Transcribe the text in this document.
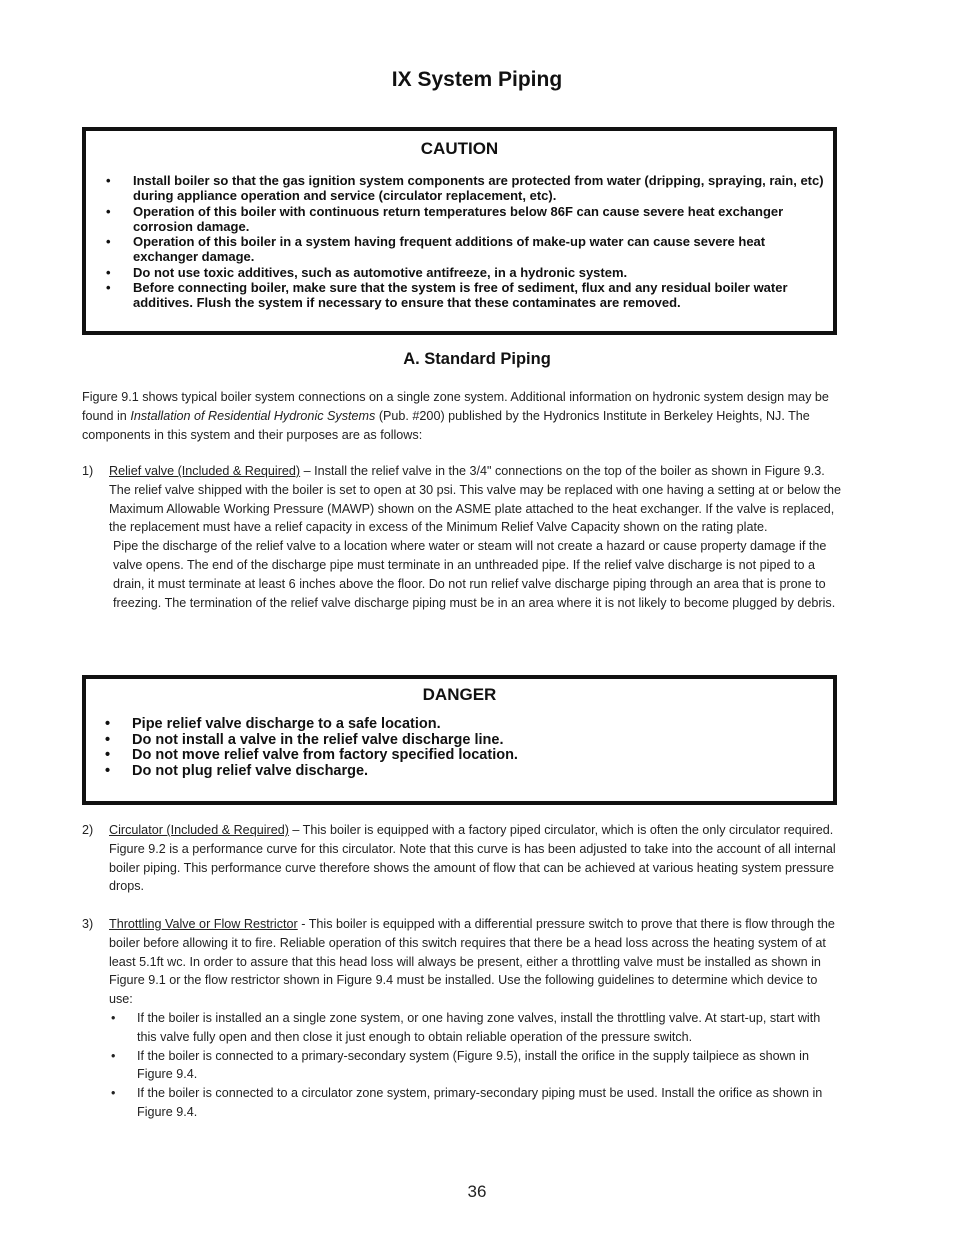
IX System Piping
CAUTION
• Install boiler so that the gas ignition system components are protected from water (dripping, spraying, rain, etc) during appliance operation and service (circulator replacement, etc).
• Operation of this boiler with continuous return temperatures below 86F can cause severe heat exchanger corrosion damage.
• Operation of this boiler in a system having frequent additions of make-up water can cause severe heat exchanger damage.
• Do not use toxic additives, such as automotive antifreeze, in a hydronic system.
• Before connecting boiler, make sure that the system is free of sediment, flux and any residual boiler water additives. Flush the system if necessary to ensure that these contaminates are removed.
A. Standard Piping
Figure 9.1 shows typical boiler system connections on a single zone system. Additional information on hydronic system design may be found in Installation of Residential Hydronic Systems (Pub. #200) published by the Hydronics Institute in Berkeley Heights, NJ. The components in this system and their purposes are as follows:
1) Relief valve (Included & Required) – Install the relief valve in the 3/4" connections on the top of the boiler as shown in Figure 9.3. The relief valve shipped with the boiler is set to open at 30 psi. This valve may be replaced with one having a setting at or below the Maximum Allowable Working Pressure (MAWP) shown on the ASME plate attached to the heat exchanger. If the valve is replaced, the replacement must have a relief capacity in excess of the Minimum Relief Valve Capacity shown on the rating plate.

Pipe the discharge of the relief valve to a location where water or steam will not create a hazard or cause property damage if the valve opens. The end of the discharge pipe must terminate in an unthreaded pipe. If the relief valve discharge is not piped to a drain, it must terminate at least 6 inches above the floor. Do not run relief valve discharge piping through an area that is prone to freezing. The termination of the relief valve discharge piping must be in an area where it is not likely to become plugged by debris.

DANGER
• Pipe relief valve discharge to a safe location.
• Do not install a valve in the relief valve discharge line.
• Do not move relief valve from factory specified location.
• Do not plug relief valve discharge.
2) Circulator (Included & Required) – This boiler is equipped with a factory piped circulator, which is often the only circulator required. Figure 9.2 is a performance curve for this circulator. Note that this curve is has been adjusted to take into the account of all internal boiler piping. This performance curve therefore shows the amount of flow that can be achieved at various heating system pressure drops.

3) Throttling Valve or Flow Restrictor - This boiler is equipped with a differential pressure switch to prove that there is flow through the boiler before allowing it to fire. Reliable operation of this switch requires that there be a head loss across the heating system of at least 5.1ft wc. In order to assure that this head loss will always be present, either a throttling valve must be installed as shown in Figure 9.1 or the flow restrictor shown in Figure 9.4 must be installed. Use the following guidelines to determine which device to use:

• If the boiler is installed an a single zone system, or one having zone valves, install the throttling valve. At start-up, start with this valve fully open and then close it just enough to obtain reliable operation of the pressure switch.
• If the boiler is connected to a primary-secondary system (Figure 9.5), install the orifice in the supply tailpiece as shown in Figure 9.4.
• If the boiler is connected to a circulator zone system, primary-secondary piping must be used. Install the orifice as shown in Figure 9.4.
36
